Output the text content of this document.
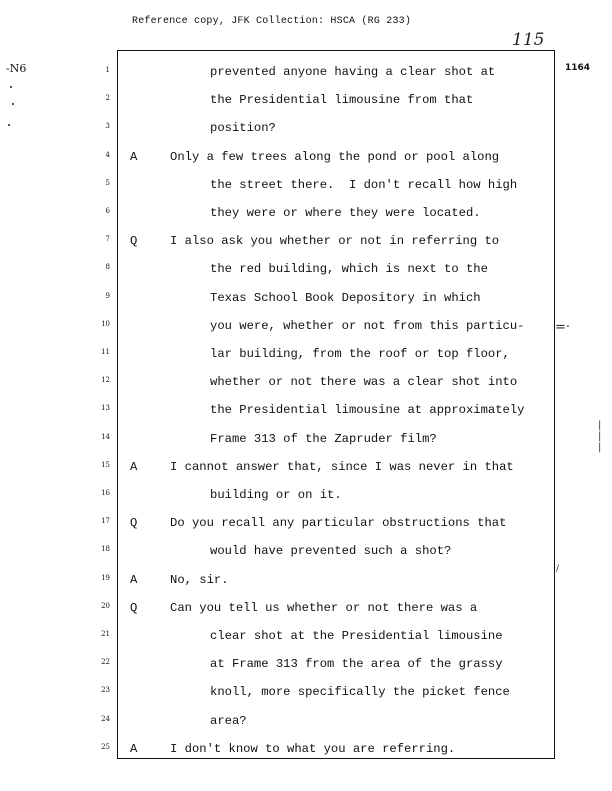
Reference copy, JFK Collection: HSCA (RG 233)
115
-N6	1164
1
2
3
4
5
6
7
8
9
10
11
12
13
14
15
16
17
18
19
20
21
22
23
24
25
prevented anyone having a clear shot at
the Presidential limousine from that
position?
A	Only a few trees along the pond or pool along
the street there.  I don't recall how high
they were or where they were located.
Q	I also ask you whether or not in referring to
the red building, which is next to the
Texas School Book Depository in which
you were, whether or not from this particu-
lar building, from the roof or top floor,
whether or not there was a clear shot into
the Presidential limousine at approximately
Frame 313 of the Zapruder film?
A	I cannot answer that, since I was never in that
building or on it.
Q	Do you recall any particular obstructions that
would have prevented such a shot?
A	No, sir.
Q	Can you tell us whether or not there was a
clear shot at the Presidential limousine
at Frame 313 from the area of the grassy
knoll, more specifically the picket fence
area?
A	I don't know to what you are referring.
=·
/
|
|
|
